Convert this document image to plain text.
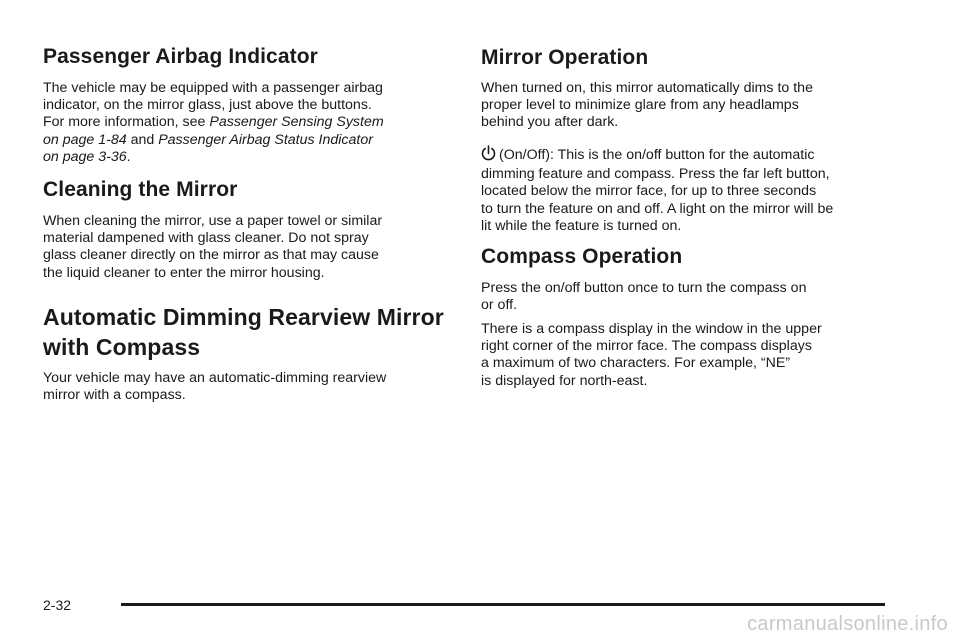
Passenger Airbag Indicator

The vehicle may be equipped with a passenger airbag
indicator, on the mirror glass, just above the buttons.
For more information, see Passenger Sensing System
on page 1-84 and Passenger Airbag Status Indicator
on page 3-36.

Cleaning the Mirror

When cleaning the mirror, use a paper towel or similar
material dampened with glass cleaner. Do not spray
glass cleaner directly on the mirror as that may cause
the liquid cleaner to enter the mirror housing.

Automatic Dimming Rearview Mirror
with Compass

Your vehicle may have an automatic-dimming rearview
mirror with a compass.

Mirror Operation

When turned on, this mirror automatically dims to the
proper level to minimize glare from any headlamps
behind you after dark.

(On/Off): This is the on/off button for the automatic
dimming feature and compass. Press the far left button,
located below the mirror face, for up to three seconds
to turn the feature on and off. A light on the mirror will be
lit while the feature is turned on.

Compass Operation

Press the on/off button once to turn the compass on
or off.

There is a compass display in the window in the upper
right corner of the mirror face. The compass displays
a maximum of two characters. For example, “NE”
is displayed for north-east.

2-32
carmanualsonline.info
